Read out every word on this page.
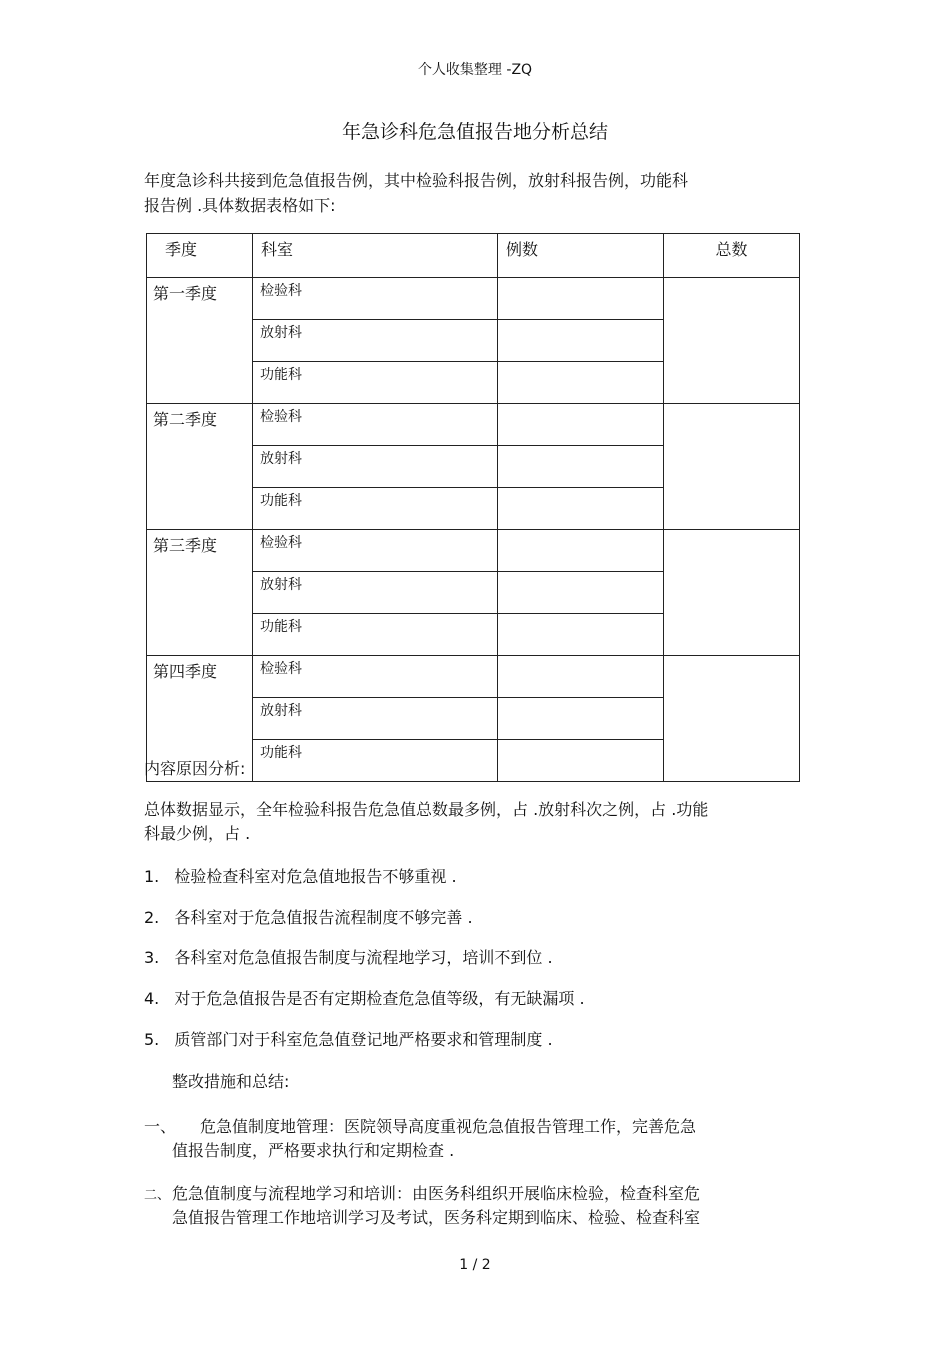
个人收集整理 -ZQ
年急诊科危急值报告地分析总结
年度急诊科共接到危急值报告例，其中检验科报告例，放射科报告例，功能科
报告例 .具体数据表格如下:
季度	科室	例数	总数
第一季度	检验科		
	放射科		
	功能科		
第二季度	检验科		
	放射科		
	功能科		
第三季度	检验科		
	放射科		
	功能科		
第四季度	检验科		
	放射科		
	功能科		
内容原因分析:
总体数据显示，全年检验科报告危急值总数最多例，占 .放射科次之例，占 .功能
科最少例，占 .
1. 检验检查科室对危急值地报告不够重视 .
2. 各科室对于危急值报告流程制度不够完善 .
3. 各科室对危急值报告制度与流程地学习，培训不到位 .
4. 对于危急值报告是否有定期检查危急值等级，有无缺漏项 .
5. 质管部门对于科室危急值登记地严格要求和管理制度 .
整改措施和总结:
一、 危急值制度地管理：医院领导高度重视危急值报告管理工作，完善危急
值报告制度，严格要求执行和定期检查 .
二、 危急值制度与流程地学习和培训：由医务科组织开展临床检验，检查科室危
急值报告管理工作地培训学习及考试，医务科定期到临床、检验、检查科室
1 / 2
